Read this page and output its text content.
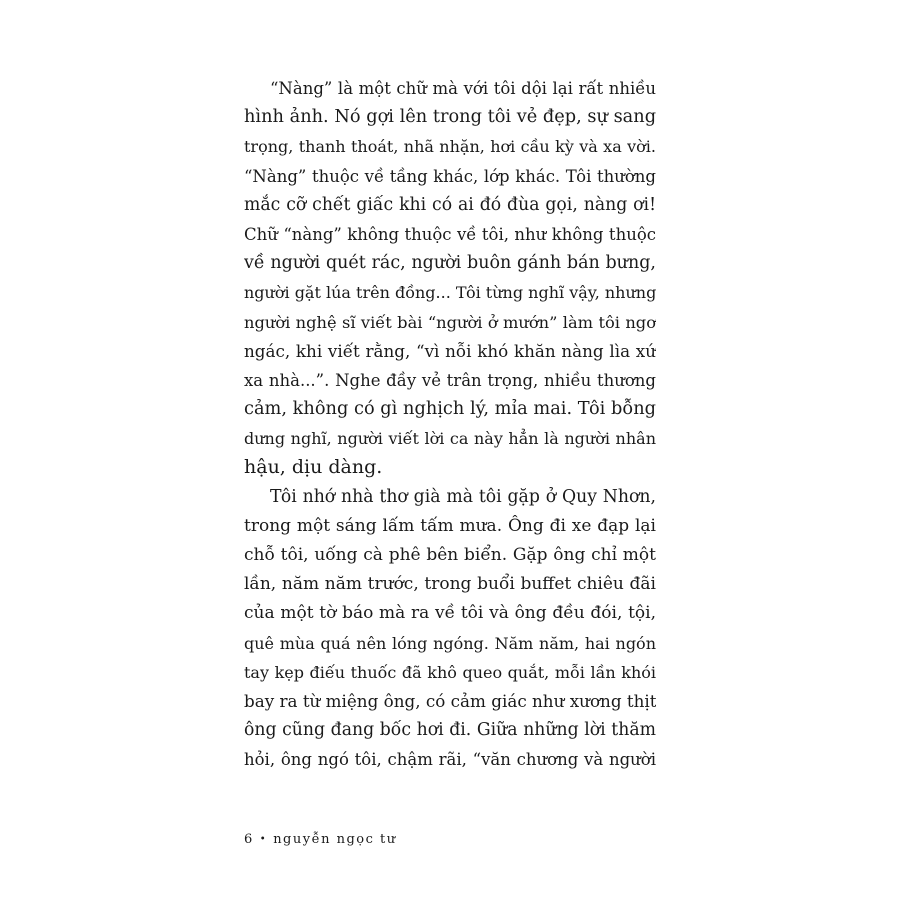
“Nàng” là một chữ mà với tôi dội lại rất nhiều
hình ảnh. Nó gợi lên trong tôi vẻ đẹp, sự sang
trọng, thanh thoát, nhã nhặn, hơi cầu kỳ và xa vời.
“Nàng” thuộc về tầng khác, lớp khác. Tôi thường
mắc cỡ chết giấc khi có ai đó đùa gọi, nàng ơi!
Chữ “nàng” không thuộc về tôi, như không thuộc
về người quét rác, người buôn gánh bán bưng,
người gặt lúa trên đồng... Tôi từng nghĩ vậy, nhưng
người nghệ sĩ viết bài “người ở mướn” làm tôi ngơ
ngác, khi viết rằng, “vì nỗi khó khăn nàng lìa xứ
xa nhà...”. Nghe đầy vẻ trân trọng, nhiều thương
cảm, không có gì nghịch lý, mỉa mai. Tôi bỗng
dưng nghĩ, người viết lời ca này hẳn là người nhân
hậu, dịu dàng.
Tôi nhớ nhà thơ già mà tôi gặp ở Quy Nhơn,
trong một sáng lấm tấm mưa. Ông đi xe đạp lại
chỗ tôi, uống cà phê bên biển. Gặp ông chỉ một
lần, năm năm trước, trong buổi buffet chiêu đãi
của một tờ báo mà ra về tôi và ông đều đói, tội,
quê mùa quá nên lóng ngóng. Năm năm, hai ngón
tay kẹp điếu thuốc đã khô queo quắt, mỗi lần khói
bay ra từ miệng ông, có cảm giác như xương thịt
ông cũng đang bốc hơi đi. Giữa những lời thăm
hỏi, ông ngó tôi, chậm rãi, “văn chương và người
6 • nguyễn ngọc tư
